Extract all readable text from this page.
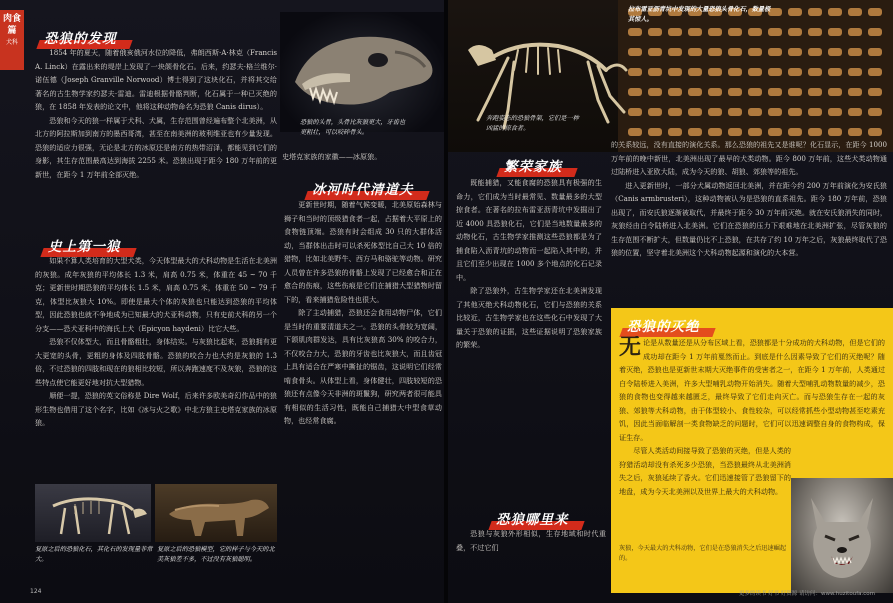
肉食篇
犬科	恐狼的发现

1854 年的夏天，随着俄亥俄河水位的降低，弗朗西斯·A·林克（Francis A. Linck）在露出来的堤岸上发现了一块颌骨化石。后来，约瑟夫·格兰维尔·诺伍德（Joseph Granville Norwood）博士得到了这块化石，并将其交给著名的古生物学家约瑟夫·雷迪。雷迪根据骨骼判断，化石属于一种已灭绝的狼，在 1858 年发表的论文中，他将这种动物命名为恐狼 Canis dirus）。

恐狼和今天的狼一样属于犬科、犬属，生存范围曾经遍布整个北美洲，从北方的阿拉斯加到南方的墨西哥湾，甚至在南美洲的玻利维亚也有少量发现。恐狼的适应力很强，无论是北方的冰原还是南方的热带沼泽，都能见到它们的身影，其生存范围最高达到海拔 2255 米。恐狼出现于距今 180 万年前的更新世，在距今 1 万年前全部灭绝。

恐狼的头骨，头骨比灰狼更大，牙齿也更粗壮，可以咬碎骨头。

史塔克家族的家徽——冰原狼。

史上第一狼

如果不算人类培育的大型犬类，今天体型最大的犬科动物是生活在北美洲的灰狼。成年灰狼的平均体长 1.3 米，肩高 0.75 米，体重在 45 ~ 70 千克；更新世时期恐狼的平均体长 1.5 米，肩高 0.75 米，体重在 50 ~ 79 千克，体型比灰狼大 10%。即使是最大个体的灰狼也只能达到恐狼的平均体型，因此恐狼也就不争地成为已知最大的犬亚科动物，只有史前犬科的另一个分支——恐犬亚科中的海氏上犬（Epicyon haydeni）比它大些。

恐狼不仅体型大，而且骨骼粗壮，身体结实。与灰狼比起来，恐狼拥有更大更宽的头骨，更粗的身体及四肢骨骼。恐狼的咬合力也大约是灰狼的 1.3 倍，不过恐狼的四肢和现在的狼相比较短，所以奔跑速度不及灰狼，恐狼的这些特点使它能更好地对抗大型猎物。

顺便一提，恐狼的英文俗称是 Dire Wolf，后来许多欧美奇幻作品中的狼形生物也借用了这个名字，比如《冰与火之歌》中北方狼主史塔克家族的冰原狼。

冰河时代清道夫

更新世时期，随着气候变暖，北美原始森林与狮子和当时的顶级猎食者一起，占据着大平原上的食物链顶端。恐狼有时会组成 30 只的大群体活动，当群体出击时可以杀死体型比自己大 10 倍的猎物，比如北美野牛、西方马和骆驼等动物。研究人员曾在许多恐狼的骨骼上发现了已经愈合和正在愈合的伤痕，这些伤痕是它们在捕猎大型猎物时留下的，看来捕猎危险性也很大。

除了主动捕猎，恐狼还会食用动物尸体，它们是当时的重要清道夫之一。恐狼的头骨较为宽阔，下颌肌肉群发达，具有比灰狼高 30% 的咬合力，不仅咬合力大，恐狼的牙齿也比灰狼大，而且齿冠上具有适合在严寒中撕扯的锯齿，这说明它们经常啃食骨头。从体型上看，身体健壮，四肢较短的恐狼还有点像今天非洲的斑鬣狗，研究两者很可能具有相似的生活习性，既能自己捕猎大中型食草动物，也经常食腐。

复原之后的恐狼化石，其化石的发现量非常大。
复原之后的恐狼模型，它的样子与今天的北美灰狼差不多，不过没有灰狼聪明。
124
奔跑姿态的恐狼骨架，它们是一种凶猛的掠食者。
拉布雷亚沥青坑中发现的大量恐狼头骨化石，数量极其惊人。
繁荣家族

既能捕猎，又能食腐的恐狼具有极强的生命力，它们成为当时最常见、数量最多的大型掠食者。在著名的拉布雷亚沥青坑中发掘出了近 4000 具恐狼化石，它们是当地数量最多的动物化石，古生物学家推测这些恐狼都是为了捕食陷入沥青坑的动物而一起陷入其中的，并且它们至少出现在 1000 多个地点的化石记录中。

除了恐狼外，古生物学家还在北美洲发现了其他灭绝犬科动物化石，它们与恐狼的关系比较近，古生物学家也在这些化石中发现了大量关于恐狼的证据，这些证据说明了恐狼家族的繁荣。

恐狼哪里来

恐狼与灰狼外形相似，生存地域和时代重叠，不过它们

的关系较远，没有直接的演化关系。那么恐狼的祖先又是谁呢？化石显示，在距今 1000 万年前的晚中新世，北美洲出现了最早的犬类动物。距今 800 万年前，这些犬类动物通过陆桥进入亚欧大陆，成为今天的狼、胡狼、郊狼等的祖先。

进入更新世时，一部分犬属动物返回北美洲，并在距今约 200 万年前演化为安氏狼（Canis armbrusteri），这种动物被认为是恐狼的直系祖先。距今 180 万年前，恐狼出现了，而安氏狼逐渐被取代，并最终于距今 30 万年前灭绝。就在安氏狼消失的同时，灰狼经由白令陆桥进入北美洲。它们在恐狼的压力下艰难地在北美洲扩张，尽管灰狼的生存范围不断扩大，但数量仍比不上恐狼，在共存了约 10 万年之后，灰狼最终取代了恐狼的位置，坚守着北美洲这个犬科动物起源和演化的大本营。

恐狼的灭绝

无论是从数量还是从分布区域上看，恐狼都是十分成功的犬科动物，但是它们的成功却在距今 1 万年前戛然而止。到底是什么因素导致了它们的灭绝呢？随着灭绝，恐狼也是更新世末期大灭绝事件的受害者之一，在距今 1 万年前，人类通过白令陆桥进入美洲，许多大型哺乳动物开始消失。随着大型哺乳动物数量的减少，恐狼的食物也变得越来越匮乏，最终导致了它们走向灭亡。而与恐狼生存在一起的灰狼、郊狼等犬科动物，由于体型较小、食性较杂，可以经常抓些小型动物甚至吃素充饥，因此当面临解剖一类食物缺乏的问题时，它们可以迅速调整自身的食物构成，保证生存。

尽管人类活动间接导致了恐狼的灭绝，但是人类的狩猎活动却没有杀死多少恐狼，当恐狼最终从北美洲消失之后，灰狼延续了香火。它们迅速接管了恐狼留下的地盘，成为今天北美洲以及世界上最大的犬科动物。

灰狼，今天最大的犬科动物，它们是在恐狼消失之后迅速崛起的。
更多的读书 好书 好资源 请访问：www.huzitoufa.com
